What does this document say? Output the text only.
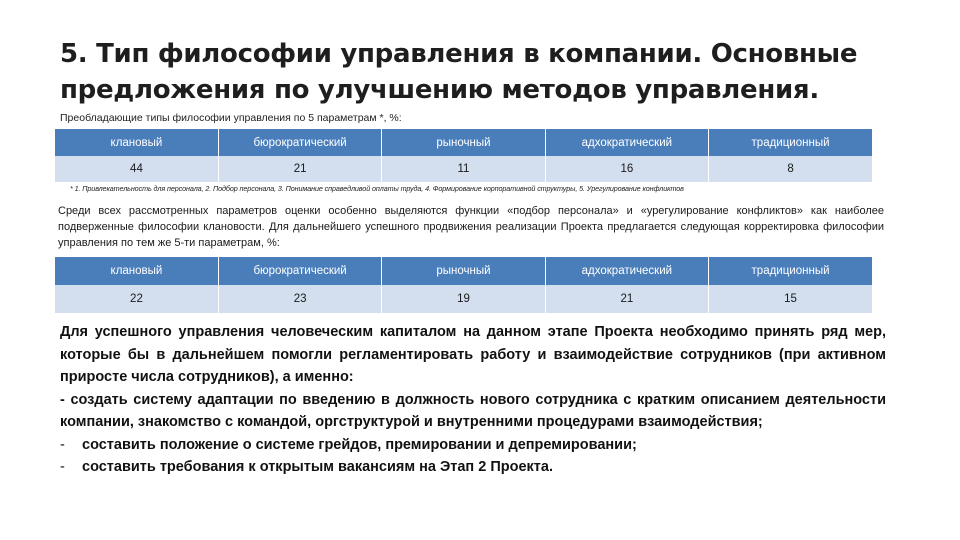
5. Тип философии управления в компании. Основные предложения по улучшению методов управления.
Преобладающие типы философии управления по 5 параметрам *, %:
клановый	бюрократический	рыночный	адхократический	традиционный
44	21	11	16	8
* 1. Привлекательность для персонала, 2. Подбор персонала, 3. Понимание справедливой оплаты труда, 4. Формирование корпоративной структуры, 5. Урегулирование конфликтов
Среди всех рассмотренных параметров оценки особенно выделяются функции «подбор персонала» и «урегулирование конфликтов» как наиболее подверженные философии клановости. Для дальнейшего успешного продвижения реализации Проекта предлагается следующая корректировка философии управления по тем же 5-ти параметрам, %:
клановый	бюрократический	рыночный	адхократический	традиционный
22	23	19	21	15

Для успешного управления человеческим капиталом на данном этапе Проекта необходимо принять ряд мер, которые бы в дальнейшем помогли регламентировать работу и взаимодействие сотрудников (при активном приросте числа сотрудников), а именно:

- создать систему адаптации по введению в должность нового сотрудника с кратким описанием деятельности компании, знакомство с командой, оргструктурой и внутренними процедурами взаимодействия;

- составить положение о системе грейдов, премировании и депремировании;

- составить требования к открытым вакансиям на Этап 2 Проекта.
